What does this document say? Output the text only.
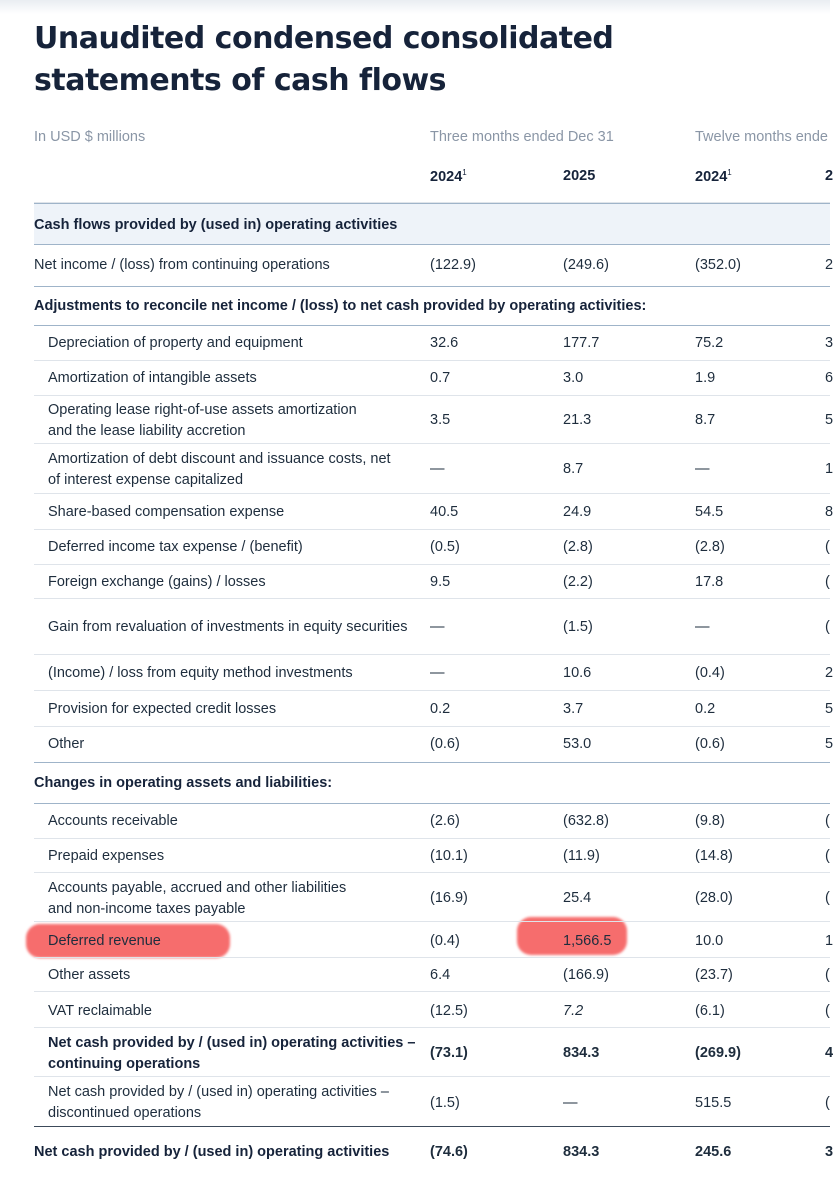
Unaudited condensed consolidated
statements of cash flows
In USD $ millions	Three months ended Dec 31	Twelve months ende
2024$^1$	2025	2024$^1$	2
Cash flows provided by (used in) operating activities
Net income / (loss) from continuing operations	(122.9)	(249.6)	(352.0)	2
Adjustments to reconcile net income / (loss) to net cash provided by operating activities:
Depreciation of property and equipment	32.6	177.7	75.2	3
Amortization of intangible assets	0.7	3.0	1.9	6
Operating lease right-of-use assets amortization
and the lease liability accretion
3.5	21.3	8.7	5
Amortization of debt discount and issuance costs, net
of interest expense capitalized
—	8.7	—	1
Share-based compensation expense	40.5	24.9	54.5	8
Deferred income tax expense / (benefit)	(0.5)	(2.8)	(2.8)	(
Foreign exchange (gains) / losses	9.5	(2.2)	17.8	(
Gain from revaluation of investments in equity securities —	(1.5)	—	(
(Income) / loss from equity method investments	—	10.6	(0.4)	2
Provision for expected credit losses	0.2	3.7	0.2	5
Other	(0.6)	53.0	(0.6)	5
Changes in operating assets and liabilities:
Accounts receivable	(2.6)	(632.8)	(9.8)	(
Prepaid expenses	(10.1)	(11.9)	(14.8)	(
Accounts payable, accrued and other liabilities
and non-income taxes payable
(16.9)	25.4	(28.0)	(
Deferred revenue	(0.4)	1,566.5	10.0	1
Other assets	6.4	(166.9)	(23.7)	(
VAT reclaimable	(12.5)	7.2	(6.1)	(
Net cash provided by / (used in) operating activities –
continuing operations
(73.1)	834.3	(269.9)	4
Net cash provided by / (used in) operating activities –
discontinued operations
(1.5)	—	515.5	(
Net cash provided by / (used in) operating activities	(74.6)	834.3	245.6	3
